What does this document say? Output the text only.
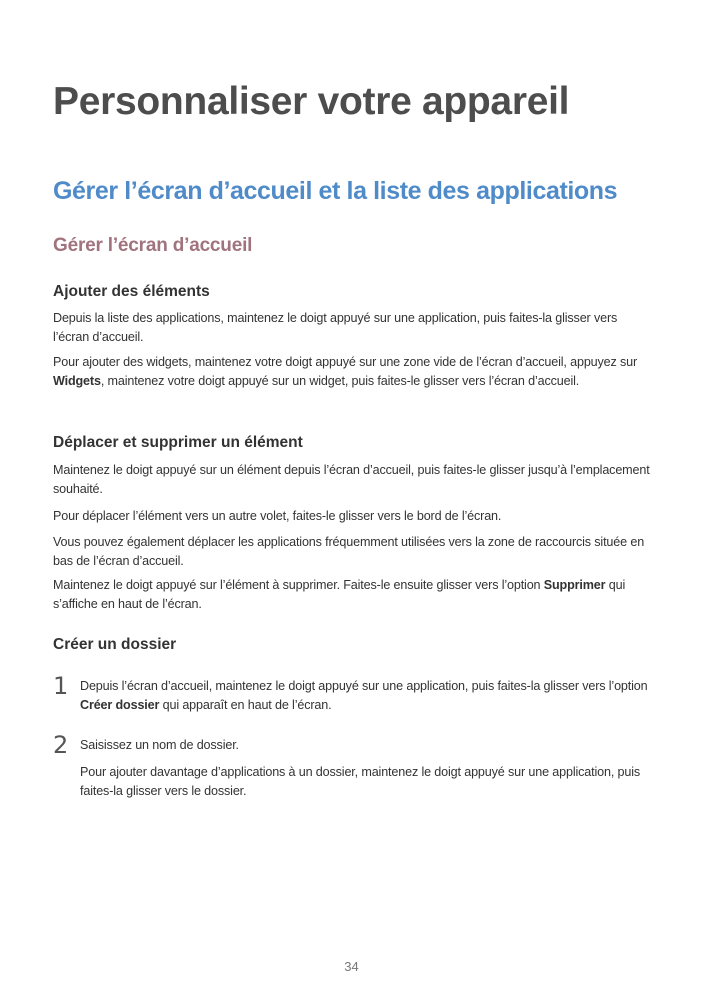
Personnaliser votre appareil
Gérer l’écran d’accueil et la liste des applications
Gérer l’écran d’accueil
Ajouter des éléments

Depuis la liste des applications, maintenez le doigt appuyé sur une application, puis faites-la glisser vers l’écran d’accueil.

Pour ajouter des widgets, maintenez votre doigt appuyé sur une zone vide de l’écran d’accueil, appuyez sur Widgets, maintenez votre doigt appuyé sur un widget, puis faites-le glisser vers l’écran d’accueil.

Déplacer et supprimer un élément

Maintenez le doigt appuyé sur un élément depuis l’écran d’accueil, puis faites-le glisser jusqu’à l’emplacement souhaité.

Pour déplacer l’élément vers un autre volet, faites-le glisser vers le bord de l’écran.

Vous pouvez également déplacer les applications fréquemment utilisées vers la zone de raccourcis située en bas de l’écran d’accueil.

Maintenez le doigt appuyé sur l’élément à supprimer. Faites-le ensuite glisser vers l’option Supprimer qui s’affiche en haut de l’écran.

Créer un dossier
1 Depuis l’écran d’accueil, maintenez le doigt appuyé sur une application, puis faites-la glisser vers l’option Créer dossier qui apparaît en haut de l’écran.

2 Saisissez un nom de dossier.

Pour ajouter davantage d’applications à un dossier, maintenez le doigt appuyé sur une application, puis faites-la glisser vers le dossier.

34
